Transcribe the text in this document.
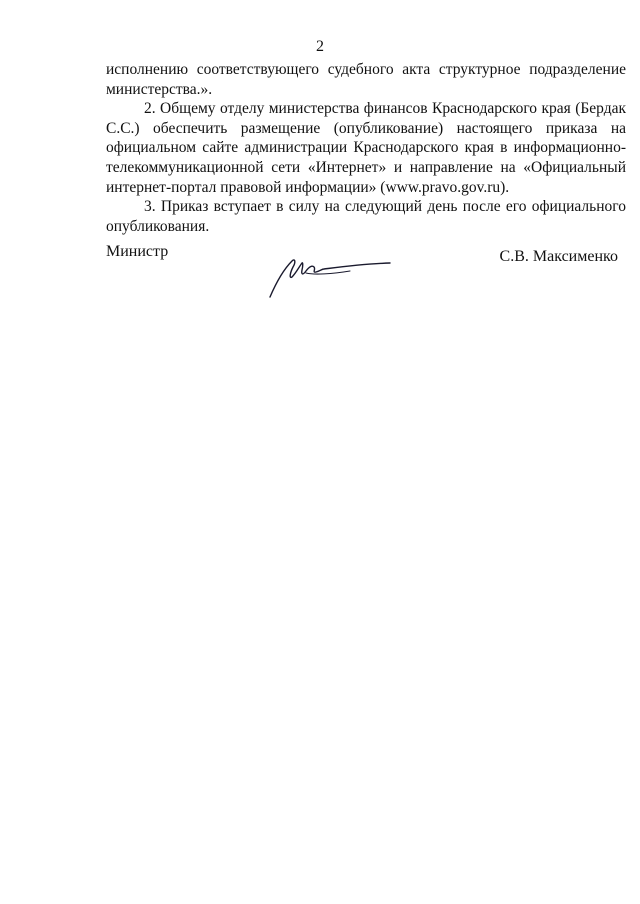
2

исполнению соответствующего судебного акта структурное подразделение министерства.».

2. Общему отделу министерства финансов Краснодарского края (Бердак С.С.) обеспечить размещение (опубликование) настоящего приказа на официальном сайте администрации Краснодарского края в информационно-телекоммуникационной сети «Интернет» и направление на «Официальный интернет-портал правовой информации» (www.pravo.gov.ru).

3. Приказ вступает в силу на следующий день после его официального опубликования.

Министр	С.В. Максименко
